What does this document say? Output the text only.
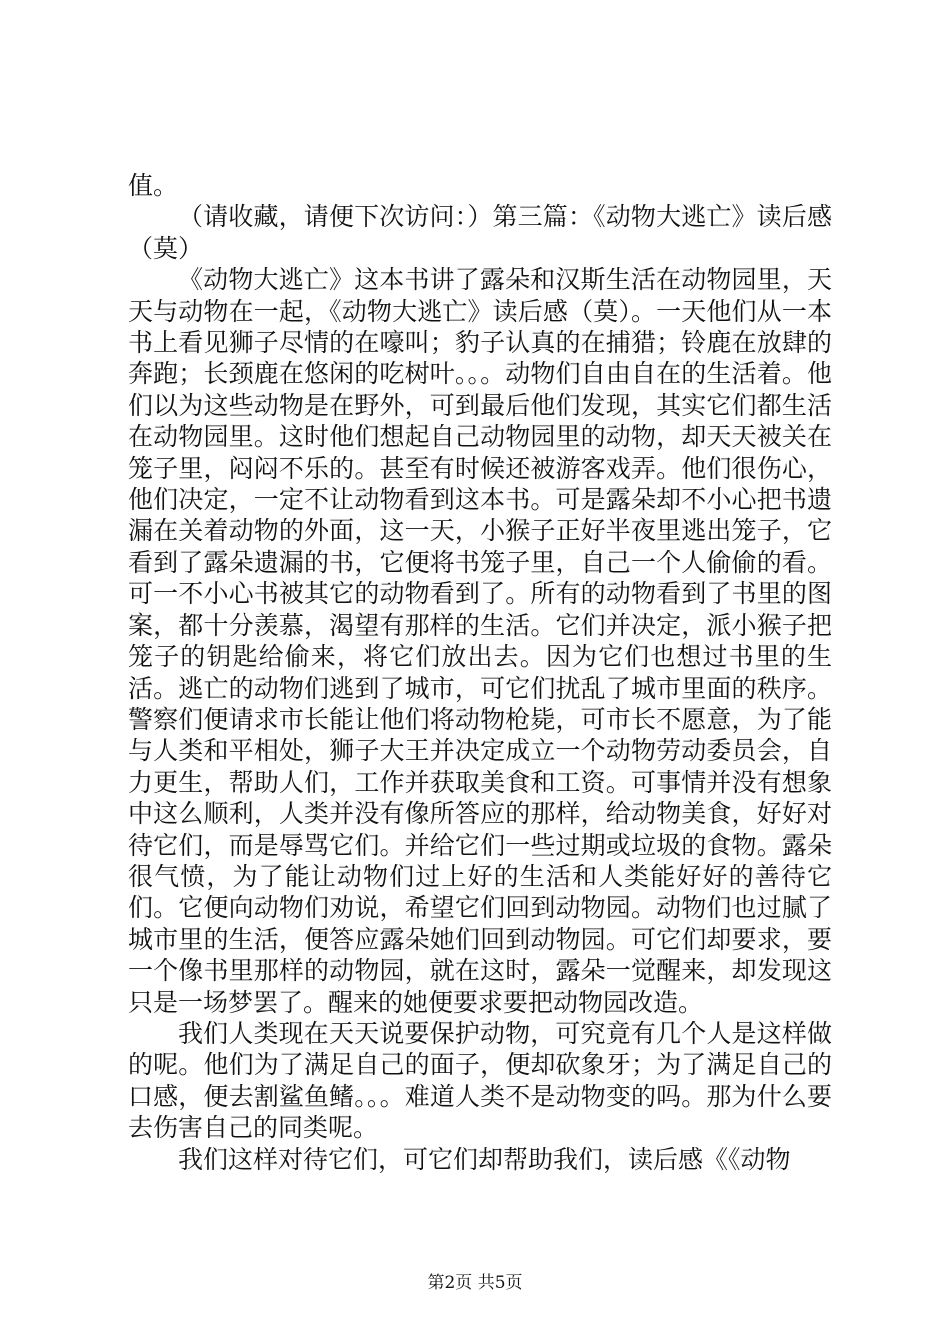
值。

（请收藏，请便下次访问：）第三篇：《动物大逃亡》读后感（莫）

《动物大逃亡》这本书讲了露朵和汉斯生活在动物园里，天天与动物在一起，《动物大逃亡》读后感（莫）。一天他们从一本书上看见狮子尽情的在嚎叫；豹子认真的在捕猎；铃鹿在放肆的奔跑；长颈鹿在悠闲的吃树叶。。。动物们自由自在的生活着。他们以为这些动物是在野外，可到最后他们发现，其实它们都生活在动物园里。这时他们想起自己动物园里的动物，却天天被关在笼子里，闷闷不乐的。甚至有时候还被游客戏弄。他们很伤心，他们决定，一定不让动物看到这本书。可是露朵却不小心把书遗漏在关着动物的外面，这一天，小猴子正好半夜里逃出笼子，它看到了露朵遗漏的书，它便将书笼子里，自己一个人偷偷的看。可一不小心书被其它的动物看到了。所有的动物看到了书里的图案，都十分羡慕，渴望有那样的生活。它们并决定，派小猴子把笼子的钥匙给偷来，将它们放出去。因为它们也想过书里的生活。逃亡的动物们逃到了城市，可它们扰乱了城市里面的秩序。警察们便请求市长能让他们将动物枪毙，可市长不愿意，为了能与人类和平相处，狮子大王并决定成立一个动物劳动委员会，自力更生，帮助人们，工作并获取美食和工资。可事情并没有想象中这么顺利，人类并没有像所答应的那样，给动物美食，好好对待它们，而是辱骂它们。并给它们一些过期或垃圾的食物。露朵很气愤，为了能让动物们过上好的生活和人类能好好的善待它们。它便向动物们劝说，希望它们回到动物园。动物们也过腻了城市里的生活，便答应露朵她们回到动物园。可它们却要求，要一个像书里那样的动物园，就在这时，露朵一觉醒来，却发现这只是一场梦罢了。醒来的她便要求要把动物园改造。

我们人类现在天天说要保护动物，可究竟有几个人是这样做的呢。他们为了满足自己的面子，便却砍象牙；为了满足自己的口感，便去割鲨鱼鳍。。。难道人类不是动物变的吗。那为什么要去伤害自己的同类呢。

我们这样对待它们，可它们却帮助我们，读后感《《动物

第2页 共5页
